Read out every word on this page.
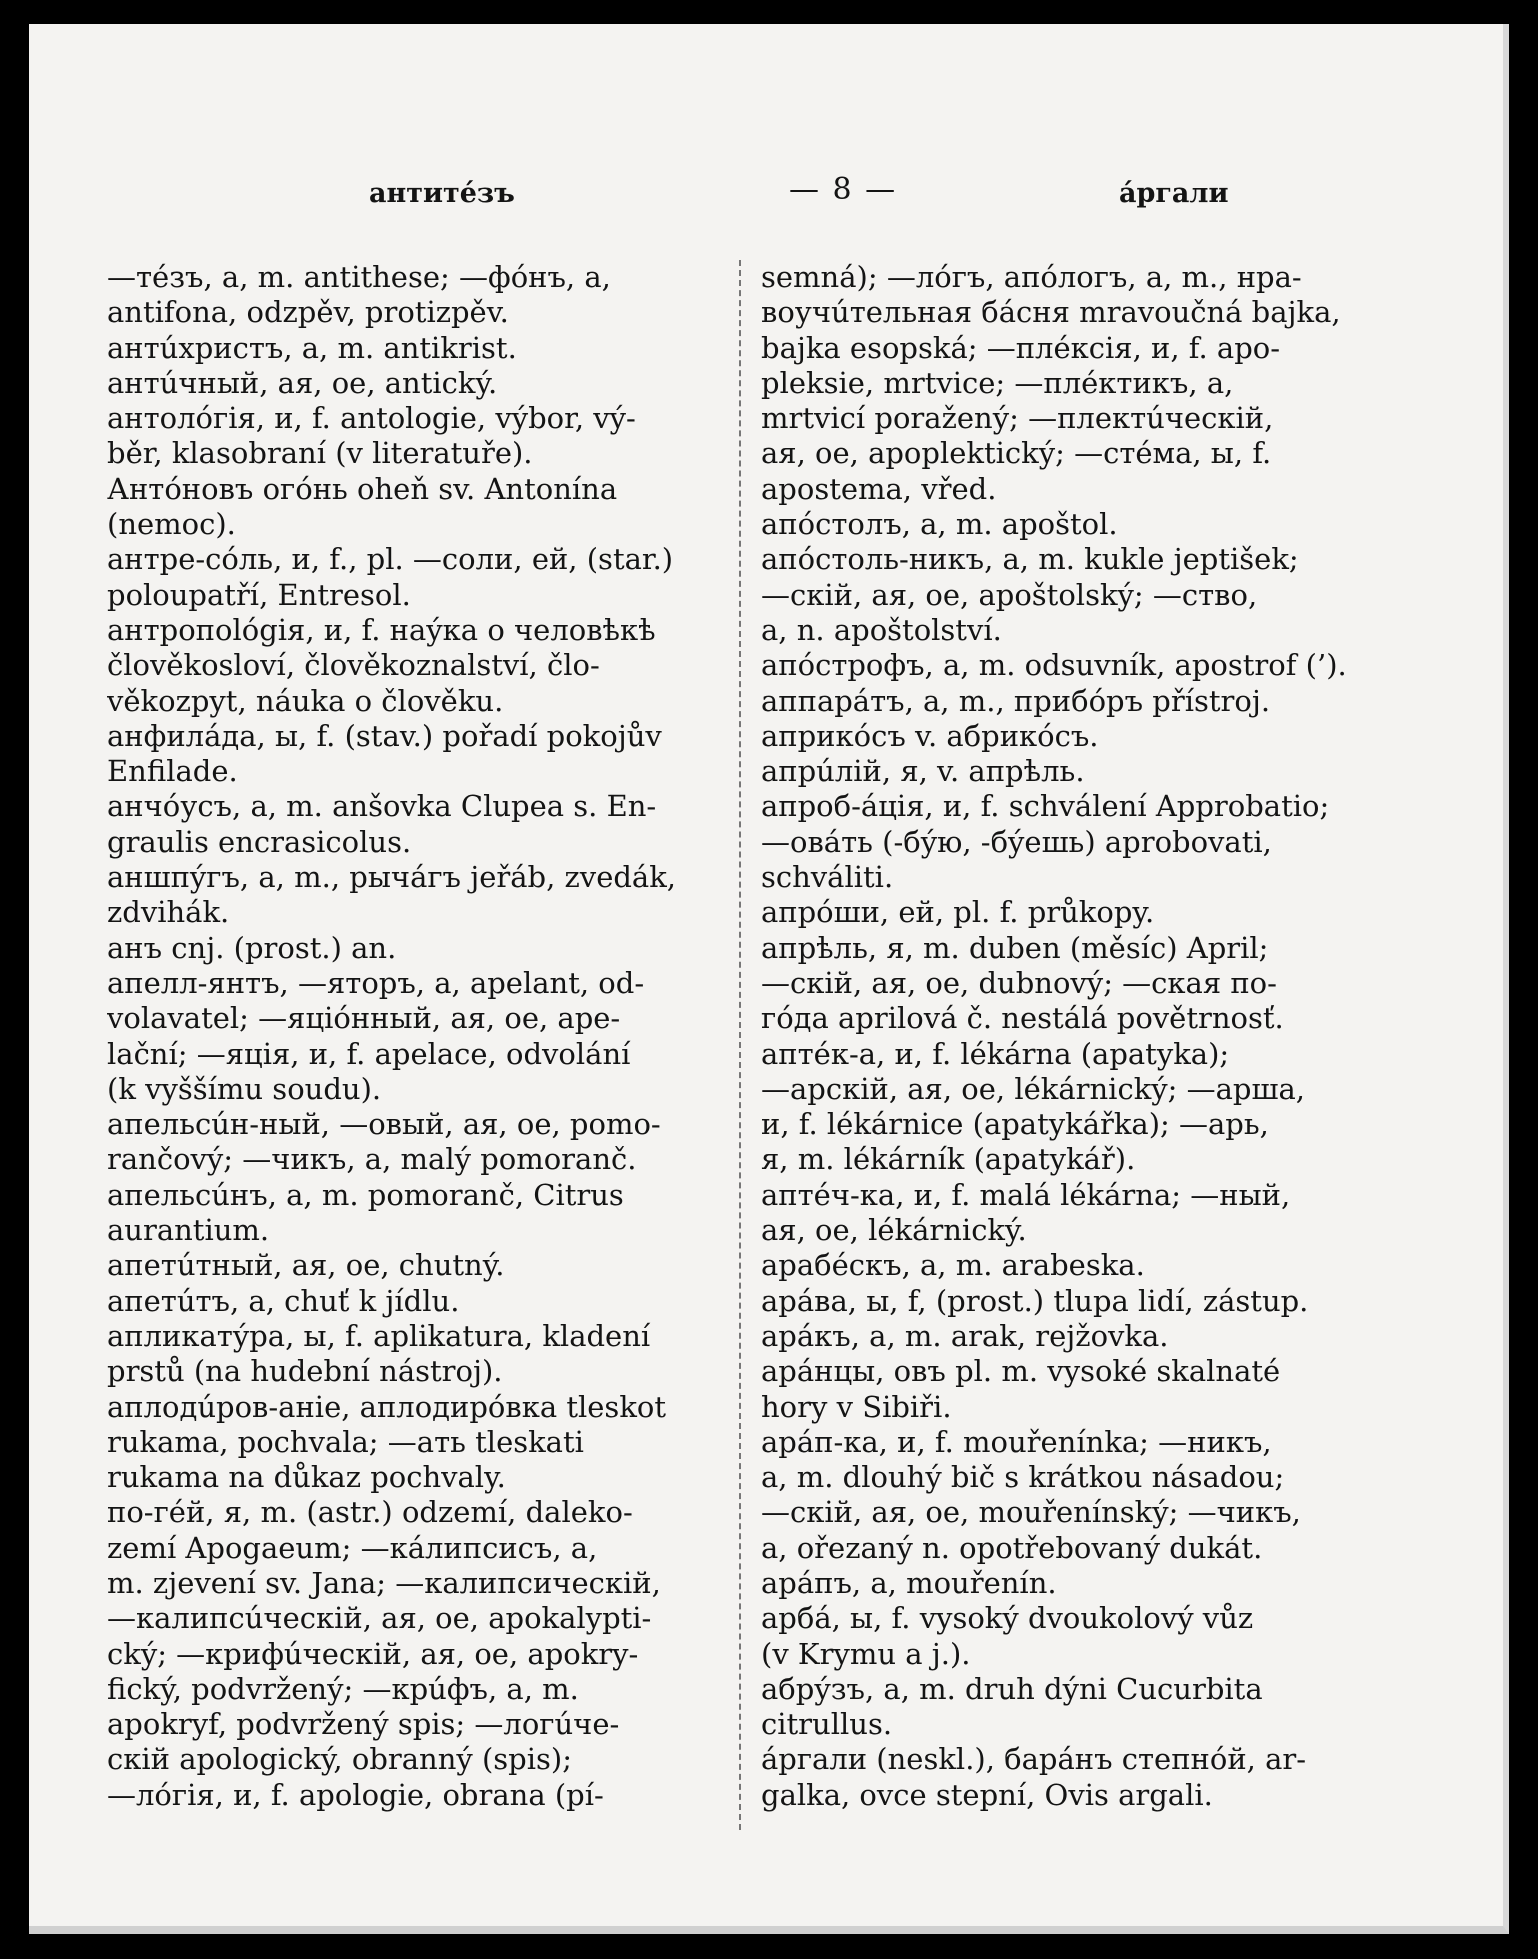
антитéзъ	— 8 —	áргали
—тéзъ, a, m. antithese; —фóнъ, a,
antifona, odzpěv, protizpěv.
антúхристъ, a, m. antikrist.
антúчный, ая, oe, antický.
антолóгія, и, f. antologie, výbor, vý-
běr, klasobraní (v literatuře).
Антóновъ огóнь oheň sv. Antonína
(nemoc).
антре-сóль, и, f., pl. —соли, ей, (star.)
poloupatří, Entresol.
антропológія, и, f. наýка о человѣкѣ
člověkosloví, člověkoznalství, člo-
věkozpyt, náuka o člověku.
анфилáда, ы, f. (stav.) pořadí pokojův
Enfilade.
анчóусъ, a, m. anšovka Clupea s. En-
graulis encrasicolus.
аншпýгъ, a, m., рычáгъ jeřáb, zvedák,
zdvihák.
анъ cnj. (prost.) an.
апелл-янтъ, —яторъ, a, apelant, od-
volavatel; —яціóнный, ая, oe, ape-
lační; —яція, и, f. apelace, odvolání
(k vyššímu soudu).
апельсúн-ный, —овый, ая, oe, pomo-
rančový; —чикъ, a, malý pomoranč.
апельсúнъ, a, m. pomoranč, Citrus
aurantium.
апетúтный, ая, oe, chutný.
апетúтъ, a, chuť k jídlu.
апликатýра, ы, f. aplikatura, kladení
prstů (na hudební nástroj).
аплодúров-аніе, аплодирóвка tleskot
rukama, pochvala; —ать tleskati
rukama na důkaz pochvaly.
по-гéй, я, m. (astr.) odzemí, daleko-
zemí Apogaeum; —кáлипсисъ, a,
m. zjevení sv. Jana; —калипсическій,
—калипсúческій, ая, oe, apokalypti-
cký; —крифúческій, ая, oe, apokry-
fický, podvržený; —крúфъ, a, m.
apokryf, podvržený spis; —логúче-
скій apologický, obranný (spis);
—лóгія, и, f. apologie, obrana (pí-
semná); —лóгъ, апóлогъ, a, m., нра-
воучúтельная бáсня mravoučná bajka,
bajka esopská; —плéксія, и, f. apo-
pleksie, mrtvice; —плéктикъ, a,
mrtvicí poražený; —плектúческій,
ая, oe, apoplektický; —стéма, ы, f.
apostema, vřed.
апóстолъ, a, m. apoštol.
апóстоль-никъ, a, m. kukle jeptišek;
—скій, ая, oe, apoštolský; —ство,
a, n. apoštolství.
апóстрофъ, a, m. odsuvník, apostrof (’).
аппарáтъ, a, m., прибóръ přístroj.
априкóсъ v. абрикóсъ.
апрúлій, я, v. апрѣль.
апроб-áція, и, f. schválení Approbatio;
—овáть (-бýю, -бýешь) aprobovati,
schváliti.
апрóши, ей, pl. f. průkopy.
апрѣль, я, m. duben (měsíc) April;
—скій, ая, oe, dubnový; —ская по-
гóда aprilová č. nestálá povětrnosť.
аптéк-а, и, f. lékárna (apatyka);
—арскій, ая, oe, lékárnický; —арша,
и, f. lékárnice (apatykářka); —арь,
я, m. lékárník (apatykář).
аптéч-ка, и, f. malá lékárna; —ный,
ая, oe, lékárnický.
арабéскъ, a, m. arabeska.
арáва, ы, f, (prost.) tlupa lidí, zástup.
арáкъ, a, m. arak, rejžovka.
арáнцы, овъ pl. m. vysoké skalnaté
hory v Sibiři.
арáп-ка, и, f. mouřenínka; —никъ,
a, m. dlouhý bič s krátkou násadou;
—скій, ая, oe, mouřenínský; —чикъ,
a, ořezaný n. opotřebovaný dukát.
арáпъ, a, mouřenín.
арбá, ы, f. vysoký dvoukolový vůz
(v Krymu a j.).
абрýзъ, a, m. druh dýni Cucurbita
citrullus.
áргали (neskl.), барáнъ степнóй, ar-
galka, ovce stepní, Ovis argali.
